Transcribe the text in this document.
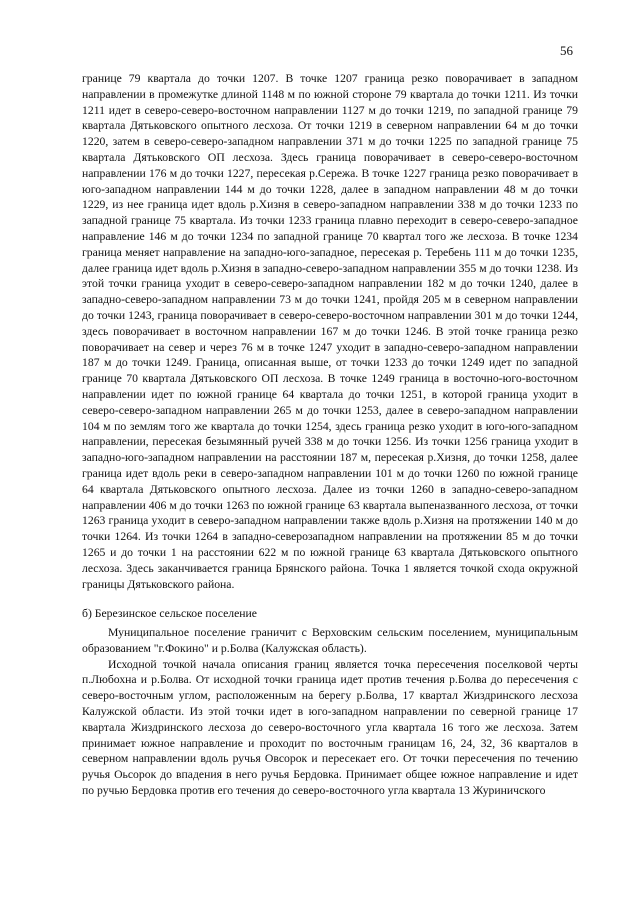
56

границе 79 квартала до точки 1207. В точке 1207 граница резко поворачивает в западном направлении в промежутке длиной 1148 м по южной стороне 79 квартала до точки 1211. Из точки 1211 идет в северо-северо-восточном направлении 1127 м до точки 1219, по западной границе 79 квартала Дятьковского опытного лесхоза. От точки 1219 в северном направлении 64 м до точки 1220, затем в северо-северо-западном направлении 371 м до точки 1225 по западной границе 75 квартала Дятьковского ОП лесхоза. Здесь граница поворачивает в северо-северо-восточном направлении 176 м до точки 1227, пересекая р.Сережа. В точке 1227 граница резко поворачивает в юго-западном направлении 144 м до точки 1228, далее в западном направлении 48 м до точки 1229, из нее граница идет вдоль р.Хизня в северо-западном направлении 338 м до точки 1233 по западной границе 75 квартала. Из точки 1233 граница плавно переходит в северо-северо-западное направление 146 м до точки 1234 по западной границе 70 квартал того же лесхоза. В точке 1234 граница меняет направление на западно-юго-западное, пересекая р. Теребень 111 м до точки 1235, далее граница идет вдоль р.Хизня в западно-северо-западном направлении 355 м до точки 1238. Из этой точки граница уходит в северо-северо-западном направлении 182 м до точки 1240, далее в западно-северо-западном направлении 73 м до точки 1241, пройдя 205 м в северном направлении до точки 1243, граница поворачивает в северо-северо-восточном направлении 301 м до точки 1244, здесь поворачивает в восточном направлении 167 м до точки 1246. В этой точке граница резко поворачивает на север и через 76 м в точке 1247 уходит в западно-северо-западном направлении 187 м до точки 1249. Граница, описанная выше, от точки 1233 до точки 1249 идет по западной границе 70 квартала Дятьковского ОП лесхоза. В точке 1249 граница в восточно-юго-восточном направлении идет по южной границе 64 квартала до точки 1251, в которой граница уходит в северо-северо-западном направлении 265 м до точки 1253, далее в северо-западном направлении 104 м по землям того же квартала до точки 1254, здесь граница резко уходит в юго-юго-западном направлении, пересекая безымянный ручей 338 м до точки 1256. Из точки 1256 граница уходит в западно-юго-западном направлении на расстоянии 187 м, пересекая р.Хизня, до точки 1258, далее граница идет вдоль реки в северо-западном направлении 101 м до точки 1260 по южной границе 64 квартала Дятьковского опытного лесхоза. Далее из точки 1260 в западно-северо-западном направлении 406 м до точки 1263 по южной границе 63 квартала выпеназванного лесхоза, от точки 1263 граница уходит в северо-западном направлении также вдоль р.Хизня на протяжении 140 м до точки 1264. Из точки 1264 в западно-северозападном направлении на протяжении 85 м до точки 1265 и до точки 1 на расстоянии 622 м по южной границе 63 квартала Дятьковского опытного лесхоза. Здесь заканчивается граница Брянского района. Точка 1 является точкой схода окружной границы Дятьковского района.

б) Березинское сельское поселение

Муниципальное поселение граничит с Верховским сельским поселением, муниципальным образованием "г.Фокино" и р.Болва (Калужская область).

Исходной точкой начала описания границ является точка пересечения поселковой черты п.Любохна и р.Болва. От исходной точки граница идет против течения р.Болва до пересечения с северо-восточным углом, расположенным на берегу р.Болва, 17 квартал Жиздринского лесхоза Калужской области. Из этой точки идет в юго-западном направлении по северной границе 17 квартала Жиздринского лесхоза до северо-восточного угла квартала 16 того же лесхоза. Затем принимает южное направление и проходит по восточным границам 16, 24, 32, 36 кварталов в северном направлении вдоль ручья Овсорок и пересекает его. От точки пересечения по течению ручья Оьсорок до впадения в него ручья Бердовка. Принимает общее южное направление и идет по ручью Бердовка против его течения до северо-восточного угла квартала 13 Журиничского
